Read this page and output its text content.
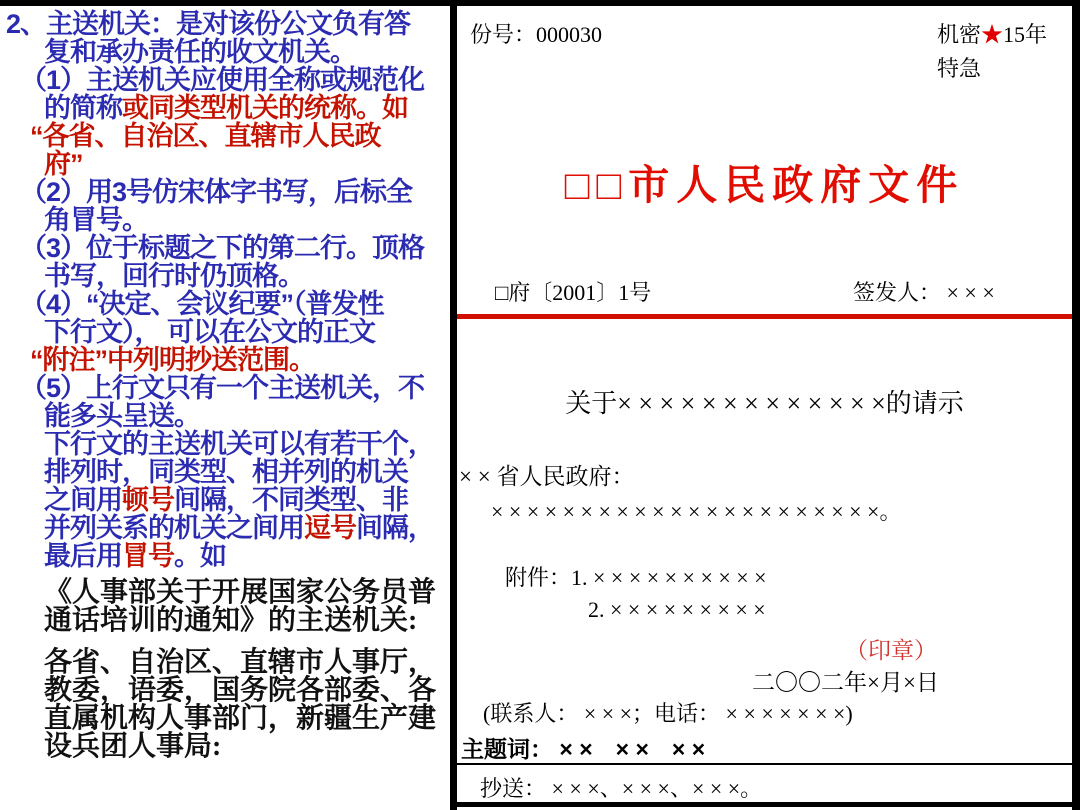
2、主送机关：是对该份公文负有答
复和承办责任的收文机关。
（1）主送机关应使用全称或规范化
的简称或同类型机关的统称。如
“各省、自治区、直辖市人民政
府”
（2）用3号仿宋体字书写，后标全
角冒号。
（3）位于标题之下的第二行。顶格
书写，回行时仍顶格。
（4）“决定、会议纪要”（普发性
下行文）， 可以在公文的正文
“附注”中列明抄送范围。
（5）上行文只有一个主送机关，不
能多头呈送。
下行文的主送机关可以有若干个，
排列时，同类型、相并列的机关
之间用顿号间隔，不同类型、非
并列关系的机关之间用逗号间隔，
最后用冒号。如
《人事部关于开展国家公务员普
通话培训的通知》的主送机关:
各省、自治区、直辖市人事厅，
教委，语委，国务院各部委、各
直属机构人事部门，新疆生产建
设兵团人事局:
份号：000030	机密★15年
特急
□□市人民政府文件
□府〔2001〕1号	签发人： × × ×
关于× × × × × × × × × × × × ×的请示
× × 省人民政府：
× × × × × × × × × × × × × × × × × × × × × ×。
附件：1. × × × × × × × × × ×
2. × × × × × × × × ×
（印章）
二〇〇二年×月×日
(联系人： × × ×；电话： × × × × × × ×)
主题词： × ×　× ×　× ×
抄送： × × ×、× × ×、× × ×。
